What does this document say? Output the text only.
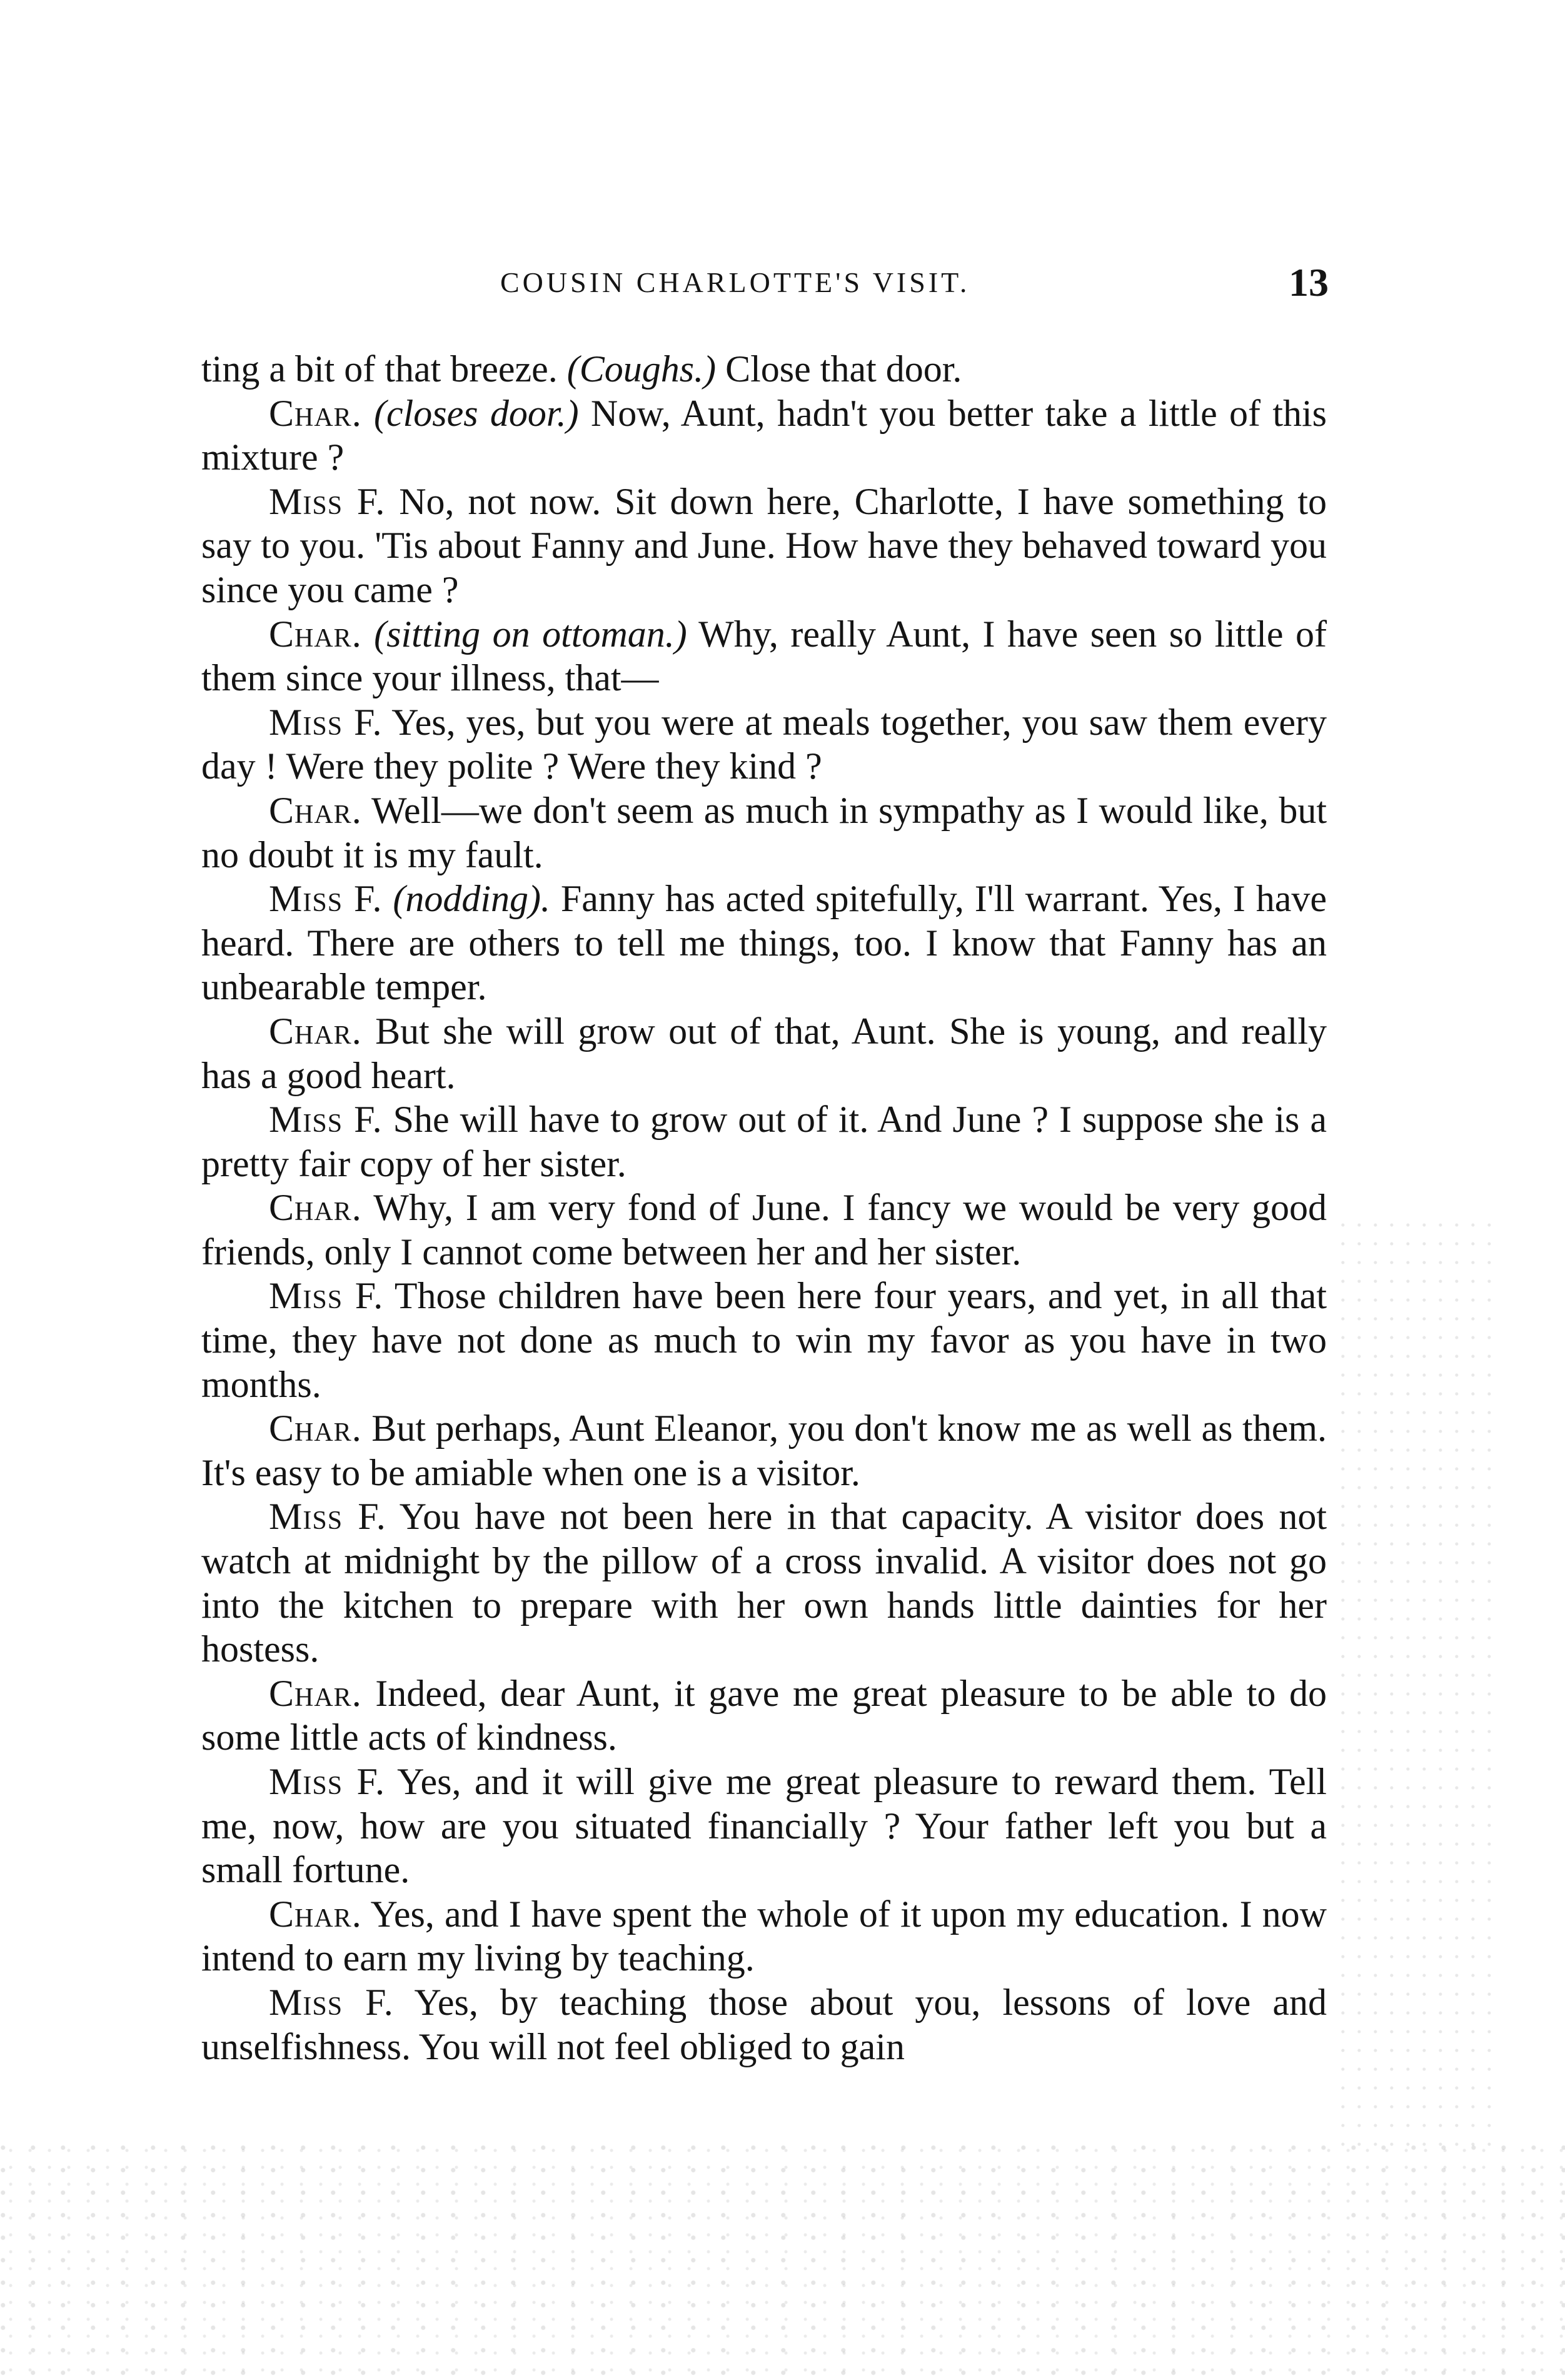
COUSIN CHARLOTTE'S VISIT.	13

ting a bit of that breeze. (Coughs.) Close that door.

Char. (closes door.) Now, Aunt, hadn't you better take a little of this mixture ?

Miss F. No, not now. Sit down here, Charlotte, I have something to say to you. 'Tis about Fanny and June. How have they behaved toward you since you came ?

Char. (sitting on ottoman.) Why, really Aunt, I have seen so little of them since your illness, that—

Miss F. Yes, yes, but you were at meals together, you saw them every day ! Were they polite ? Were they kind ?

Char. Well—we don't seem as much in sympathy as I would like, but no doubt it is my fault.

Miss F. (nodding). Fanny has acted spitefully, I'll warrant. Yes, I have heard. There are others to tell me things, too. I know that Fanny has an unbearable temper.

Char. But she will grow out of that, Aunt. She is young, and really has a good heart.

Miss F. She will have to grow out of it. And June ? I suppose she is a pretty fair copy of her sister.

Char. Why, I am very fond of June. I fancy we would be very good friends, only I cannot come between her and her sister.

Miss F. Those children have been here four years, and yet, in all that time, they have not done as much to win my favor as you have in two months.

Char. But perhaps, Aunt Eleanor, you don't know me as well as them. It's easy to be amiable when one is a visitor.

Miss F. You have not been here in that capacity. A visitor does not watch at midnight by the pillow of a cross invalid. A visitor does not go into the kitchen to prepare with her own hands little dainties for her hostess.

Char. Indeed, dear Aunt, it gave me great pleasure to be able to do some little acts of kindness.

Miss F. Yes, and it will give me great pleasure to reward them. Tell me, now, how are you situated financially ? Your father left you but a small fortune.

Char. Yes, and I have spent the whole of it upon my education. I now intend to earn my living by teaching.

Miss F. Yes, by teaching those about you, lessons of love and unselfishness. You will not feel obliged to gain
